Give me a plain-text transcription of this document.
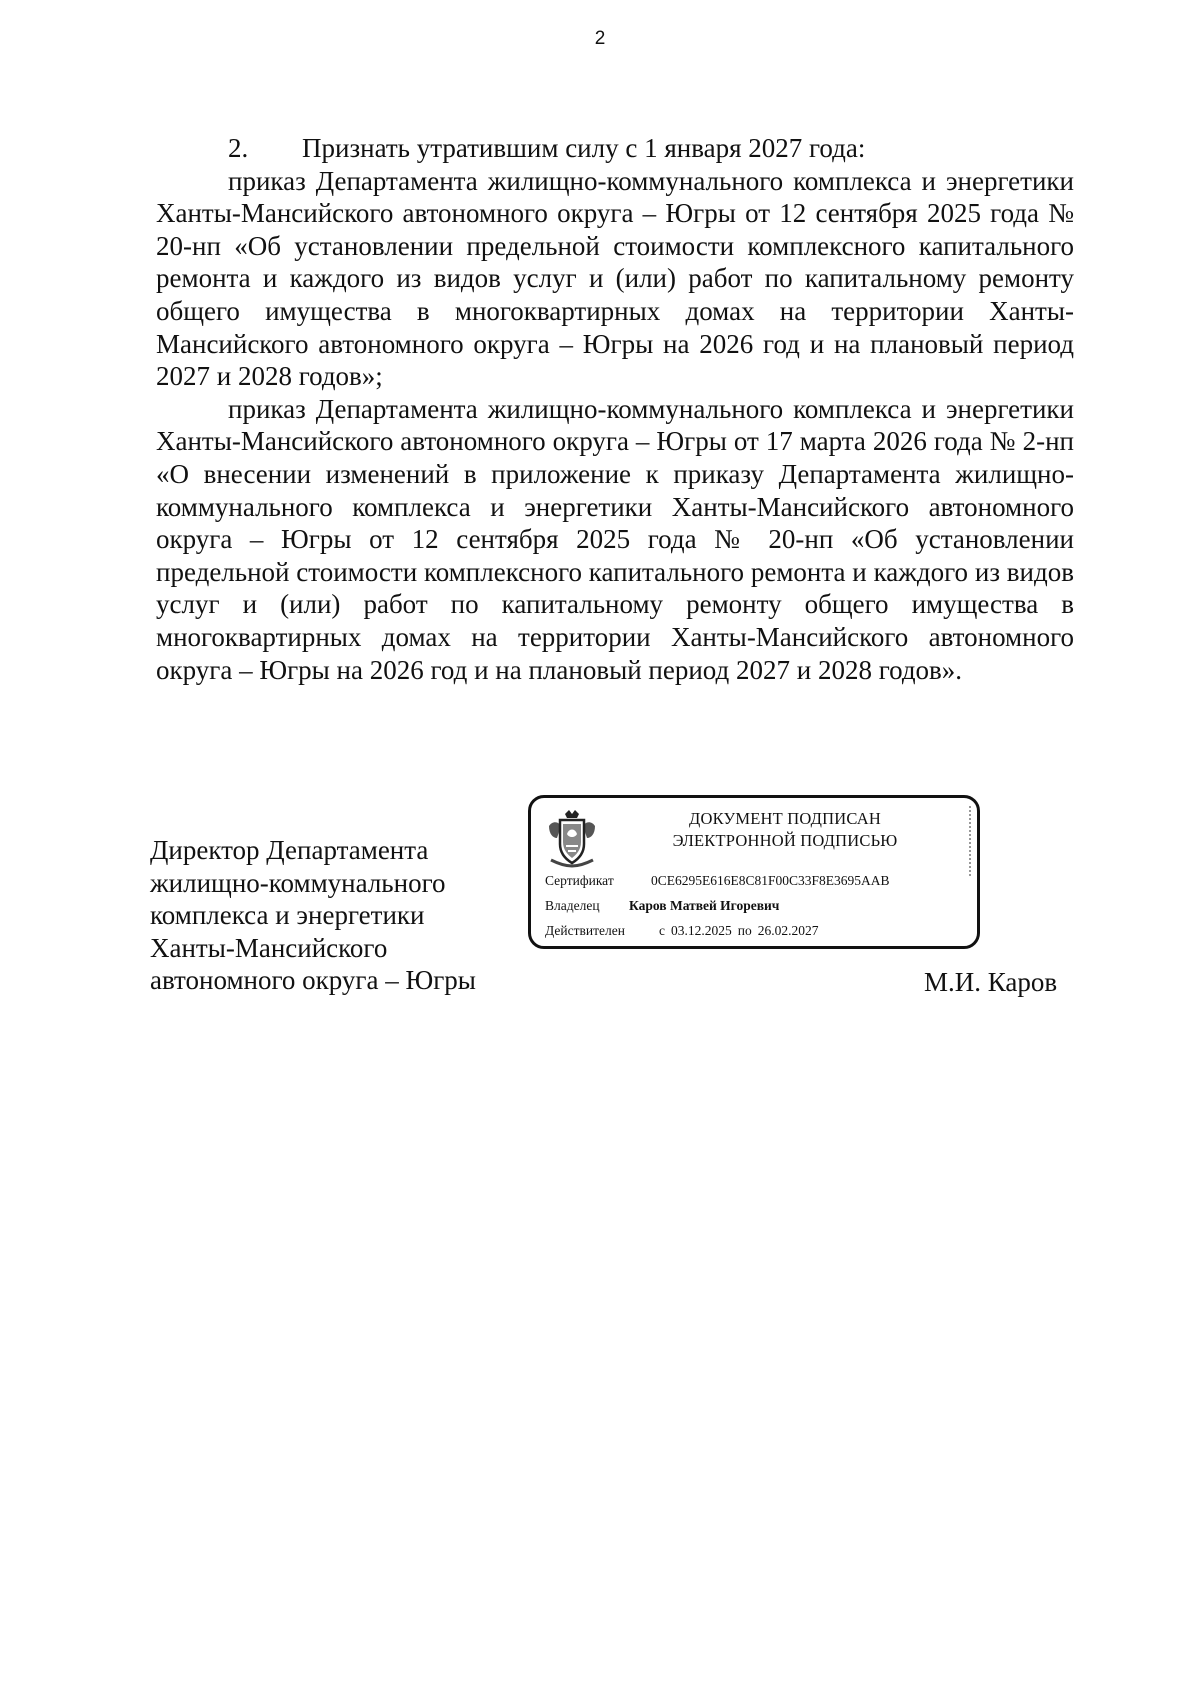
2

2. Признать утратившим силу с 1 января 2027 года:

приказ Департамента жилищно-коммунального комплекса и энергетики Ханты-Мансийского автономного округа – Югры от 12 сентября 2025 года № 20-нп «Об установлении предельной стоимости комплексного капитального ремонта и каждого из видов услуг и (или) работ по капитальному ремонту общего имущества в многоквартирных домах на территории Ханты-Мансийского автономного округа – Югры на 2026 год и на плановый период 2027 и 2028 годов»;

приказ Департамента жилищно-коммунального комплекса и энергетики Ханты-Мансийского автономного округа – Югры от 17 марта 2026 года № 2-нп «О внесении изменений в приложение к приказу Департамента жилищно-коммунального комплекса и энергетики Ханты-Мансийского автономного округа – Югры от 12 сентября 2025 года № 20-нп «Об установлении предельной стоимости комплексного капитального ремонта и каждого из видов услуг и (или) работ по капитальному ремонту общего имущества в многоквартирных домах на территории Ханты-Мансийского автономного округа – Югры на 2026 год и на плановый период 2027 и 2028 годов».

Директор Департамента
жилищно-коммунального
комплекса и энергетики
Ханты-Мансийского
автономного округа – Югры	М.И. Каров
ДОКУМЕНТ ПОДПИСАН
ЭЛЕКТРОННОЙ ПОДПИСЬЮ
Сертификат	0CE6295E616E8C81F00C33F8E3695AAB
Владелец Каров Матвей Игоревич
Действителен	с 03.12.2025 по 26.02.2027
